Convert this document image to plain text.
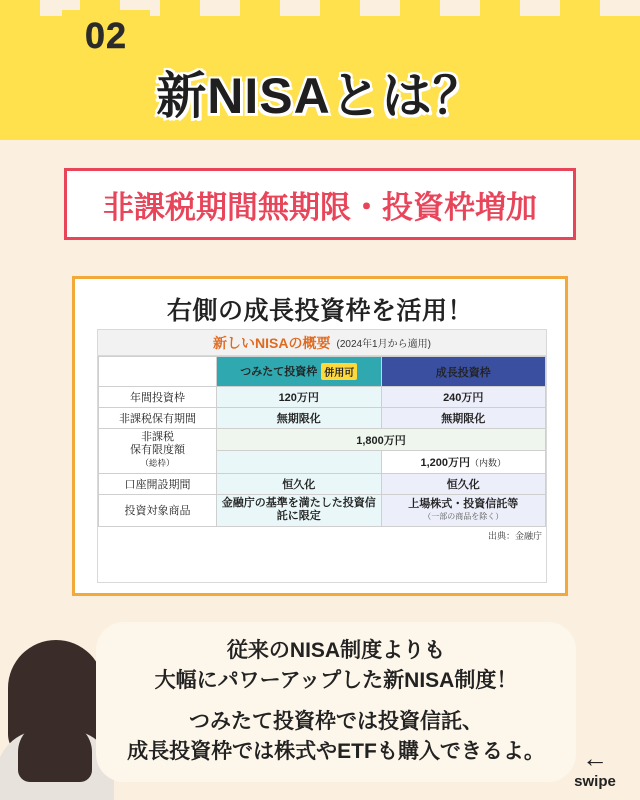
02
新NISAとは？
非課税期間無期限・投資枠増加
右側の成長投資枠を活用！
新しいNISAの概要 (2024年1月から適用)
	つみたて投資枠 併用可	成長投資枠
年間投資枠	120万円	240万円
非課税保有期間	無期限化	無期限化

非課税
保有限度額
（総枠）	1,800万円	
		1,200万円（内数）
口座開設期間	恒久化	恒久化
投資対象商品	金融庁の基準を満たした投資信託に限定	上場株式・投資信託等
（一部の商品を除く）
出典：金融庁

従来のNISA制度よりも

大幅にパワーアップした新NISA制度！

つみたて投資枠では投資信託、

成長投資枠では株式やETFも購入できるよ。	←
swipe
